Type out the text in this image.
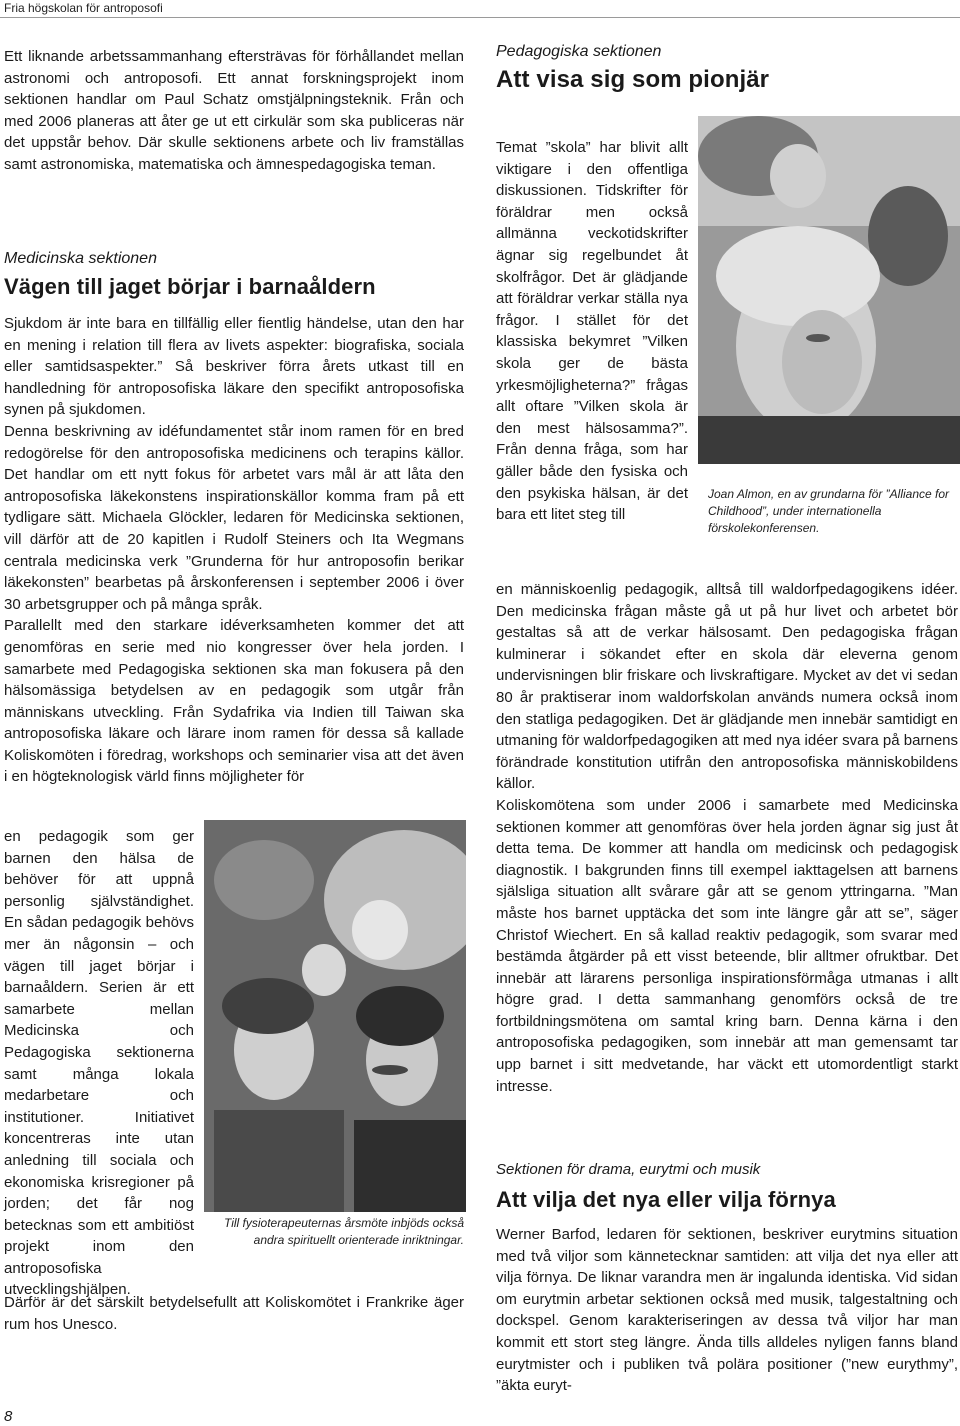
Fria högskolan för antroposofi

Ett liknande arbetssammanhang eftersträvas för förhållandet mellan astronomi och antroposofi. Ett annat forskningsprojekt inom sektionen handlar om Paul Schatz omstjälpningsteknik. Från och med 2006 planeras att åter ge ut ett cirkulär som ska publiceras när det uppstår behov. Där skulle sektionens arbete och liv framställas samt astronomiska, matematiska och ämnespedagogiska teman.

Medicinska sektionen

Vägen till jaget börjar i barnaåldern

Sjukdom är inte bara en tillfällig eller fientlig händelse, utan den har en mening i relation till flera av livets aspekter: biografiska, sociala eller samtidsaspekter.” Så beskriver förra årets utkast till en handledning för antroposofiska läkare den specifikt antroposofiska synen på sjukdomen.

Denna beskrivning av idéfundamentet står inom ramen för en bred redogörelse för den antroposofiska medicinens och terapins källor. Det handlar om ett nytt fokus för arbetet vars mål är att låta den antroposofiska läkekonstens inspirationskällor komma fram på ett tydligare sätt. Michaela Glöckler, ledaren för Medicinska sektionen, vill därför att de 20 kapitlen i Rudolf Steiners och Ita Wegmans centrala medicinska verk ”Grunderna för hur antroposofin berikar läkekonsten” bearbetas på årskonferensen i september 2006 i över 30 arbetsgrupper och på många språk.

Parallellt med den starkare idéverksamheten kommer det att genomföras en serie med nio kongresser över hela jorden. I samarbete med Pedagogiska sektionen ska man fokusera på den hälsomässiga betydelsen av en pedagogik som utgår från människans utveckling. Från Sydafrika via Indien till Taiwan ska antroposofiska läkare och lärare inom ramen för dessa så kallade Koliskomöten i föredrag, workshops och seminarier visa att det även i en högteknologisk värld finns möjligheter för

en pedagogik som ger barnen den hälsa de behöver för att uppnå personlig självständighet. En sådan pedagogik behövs mer än någonsin – och vägen till jaget börjar i barnaåldern. Serien är ett samarbete mellan Medicinska och Pedagogiska sektionerna samt många lokala medarbetare och institutioner. Initiativet koncentreras inte utan anledning till sociala och ekonomiska krisregioner på jorden; det får nog betecknas som ett ambitiöst projekt inom den antroposofiska utvecklingshjälpen.

Till fysioterapeuternas årsmöte inbjöds också andra spirituellt orienterade inriktningar.

Därför är det särskilt betydelsefullt att Koliskomötet i Frankrike äger rum hos Unesco.

Pedagogiska sektionen

Att visa sig som pionjär

Temat ”skola” har blivit allt viktigare i den offentliga diskussionen. Tidskrifter för föräldrar men också allmänna veckotidskrifter ägnar sig regelbundet åt skolfrågor. Det är glädjande att föräldrar verkar ställa nya frågor. I stället för det klassiska bekymret ”Vilken skola ger de bästa yrkesmöjligheterna?” frågas allt oftare ”Vilken skola är den mest hälsosamma?”. Från denna fråga, som har gäller både den fysiska och den psykiska hälsan, är det bara ett litet steg till

Joan Almon, en av grundarna för ”Alliance for Childhood”, under internationella förskolekonferensen.

en människoenlig pedagogik, alltså till waldorfpedagogikens idéer. Den medicinska frågan måste gå ut på hur livet och arbetet bör gestaltas så att de verkar hälsosamt. Den pedagogiska frågan kulminerar i sökandet efter en skola där eleverna genom undervisningen blir friskare och livskraftigare. Mycket av det vi sedan 80 år praktiserar inom waldorfskolan används numera också inom den statliga pedagogiken. Det är glädjande men innebär samtidigt en utmaning för waldorfpedagogiken att med nya idéer svara på barnens förändrade konstitution utifrån den antroposofiska människobildens källor.

Koliskomötena som under 2006 i samarbete med Medicinska sektionen kommer att genomföras över hela jorden ägnar sig just åt detta tema. De kommer att handla om medicinsk och pedagogisk diagnostik. I bakgrunden finns till exempel iakttagelsen att barnens själsliga situation allt svårare går att se genom yttringarna. ”Man måste hos barnet upptäcka det som inte längre går att se”, säger Christof Wiechert. En så kallad reaktiv pedagogik, som svarar med bestämda åtgärder på ett visst beteende, blir alltmer ofruktbar. Det innebär att lärarens personliga inspirationsförmåga utmanas i allt högre grad. I detta sammanhang genomförs också de tre fortbildningsmötena om samtal kring barn. Denna kärna i den antroposofiska pedagogiken, som innebär att man gemensamt tar upp barnet i sitt medvetande, har väckt ett utomordentligt starkt intresse.

Sektionen för drama, eurytmi och musik

Att vilja det nya eller vilja förnya

Werner Barfod, ledaren för sektionen, beskriver eurytmins situation med två viljor som kännetecknar samtiden: att vilja det nya eller att vilja förnya. De liknar varandra men är ingalunda identiska. Vid sidan om eurytmin arbetar sektionen också med musik, talgestaltning och dockspel. Genom karakteriseringen av dessa två viljor har man kommit ett stort steg längre. Ända tills alldeles nyligen fanns bland eurytmister och i publiken två polära positioner (”new eurythmy”, ”äkta euryt-

8
